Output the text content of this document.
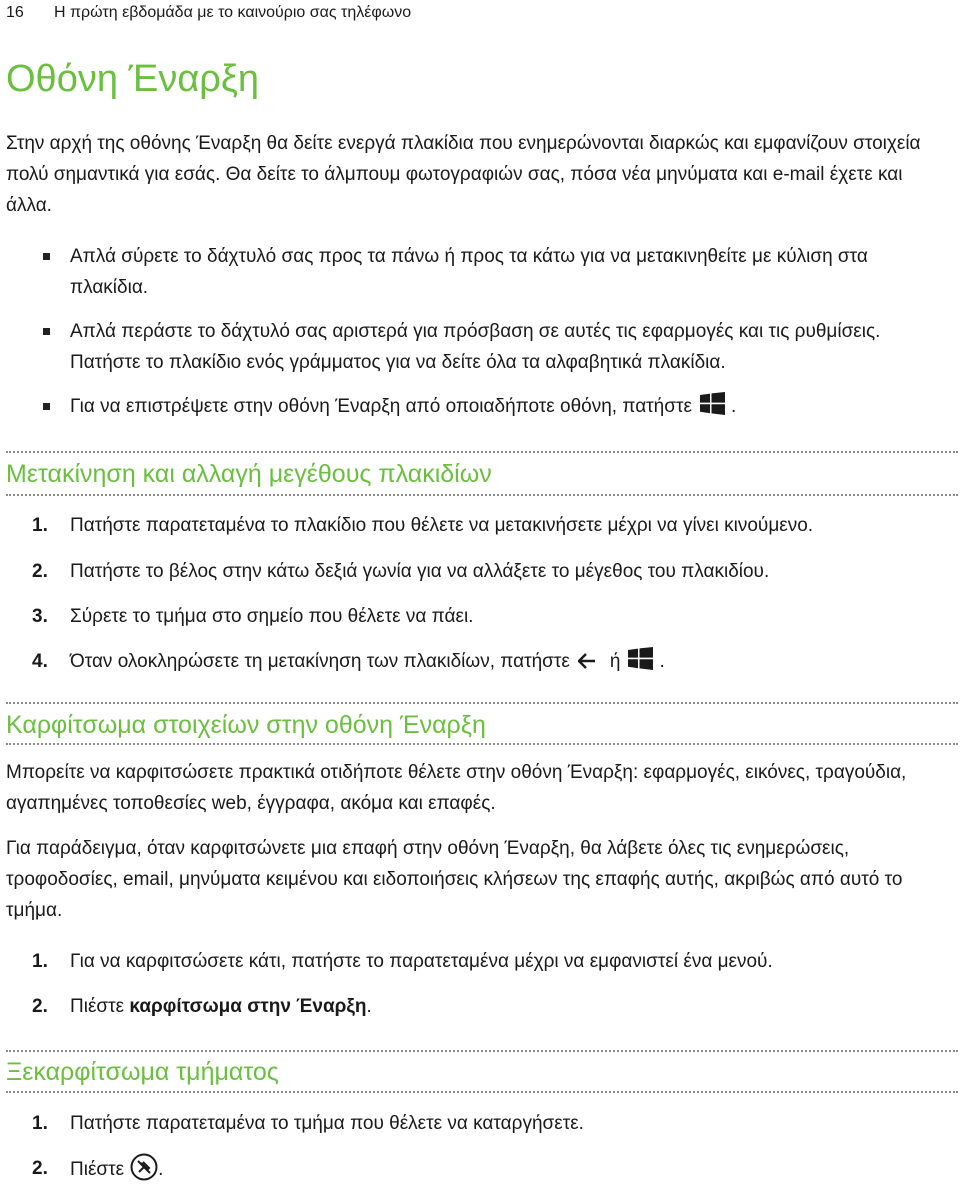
16 Η πρώτη εβδομάδα με το καινούριο σας τηλέφωνο
Οθόνη Έναρξη

Στην αρχή της οθόνης Έναρξη θα δείτε ενεργά πλακίδια που ενημερώνονται διαρκώς και εμφανίζουν στοιχεία πολύ σημαντικά για εσάς. Θα δείτε το άλμπουμ φωτογραφιών σας, πόσα νέα μηνύματα και e-mail έχετε και άλλα.

Απλά σύρετε το δάχτυλό σας προς τα πάνω ή προς τα κάτω για να μετακινηθείτε με κύλιση στα πλακίδια.
Απλά περάστε το δάχτυλό σας αριστερά για πρόσβαση σε αυτές τις εφαρμογές και τις ρυθμίσεις. Πατήστε το πλακίδιο ενός γράμματος για να δείτε όλα τα αλφαβητικά πλακίδια.
Για να επιστρέψετε στην οθόνη Έναρξη από οποιαδήποτε οθόνη, πατήστε .
Μετακίνηση και αλλαγή μεγέθους πλακιδίων
1. Πατήστε παρατεταμένα το πλακίδιο που θέλετε να μετακινήσετε μέχρι να γίνει κινούμενο.
2. Πατήστε το βέλος στην κάτω δεξιά γωνία για να αλλάξετε το μέγεθος του πλακιδίου.
3. Σύρετε το τμήμα στο σημείο που θέλετε να πάει.
4. Όταν ολοκληρώσετε τη μετακίνηση των πλακιδίων, πατήστε ή .
Καρφίτσωμα στοιχείων στην οθόνη Έναρξη

Μπορείτε να καρφιτσώσετε πρακτικά οτιδήποτε θέλετε στην οθόνη Έναρξη: εφαρμογές, εικόνες, τραγούδια, αγαπημένες τοποθεσίες web, έγγραφα, ακόμα και επαφές.

Για παράδειγμα, όταν καρφιτσώνετε μια επαφή στην οθόνη Έναρξη, θα λάβετε όλες τις ενημερώσεις, τροφοδοσίες, email, μηνύματα κειμένου και ειδοποιήσεις κλήσεων της επαφής αυτής, ακριβώς από αυτό το τμήμα.

1. Για να καρφιτσώσετε κάτι, πατήστε το παρατεταμένα μέχρι να εμφανιστεί ένα μενού.
2. Πιέστε καρφίτσωμα στην Έναρξη.
Ξεκαρφίτσωμα τμήματος
1. Πατήστε παρατεταμένα το τμήμα που θέλετε να καταργήσετε.
2. Πιέστε .
